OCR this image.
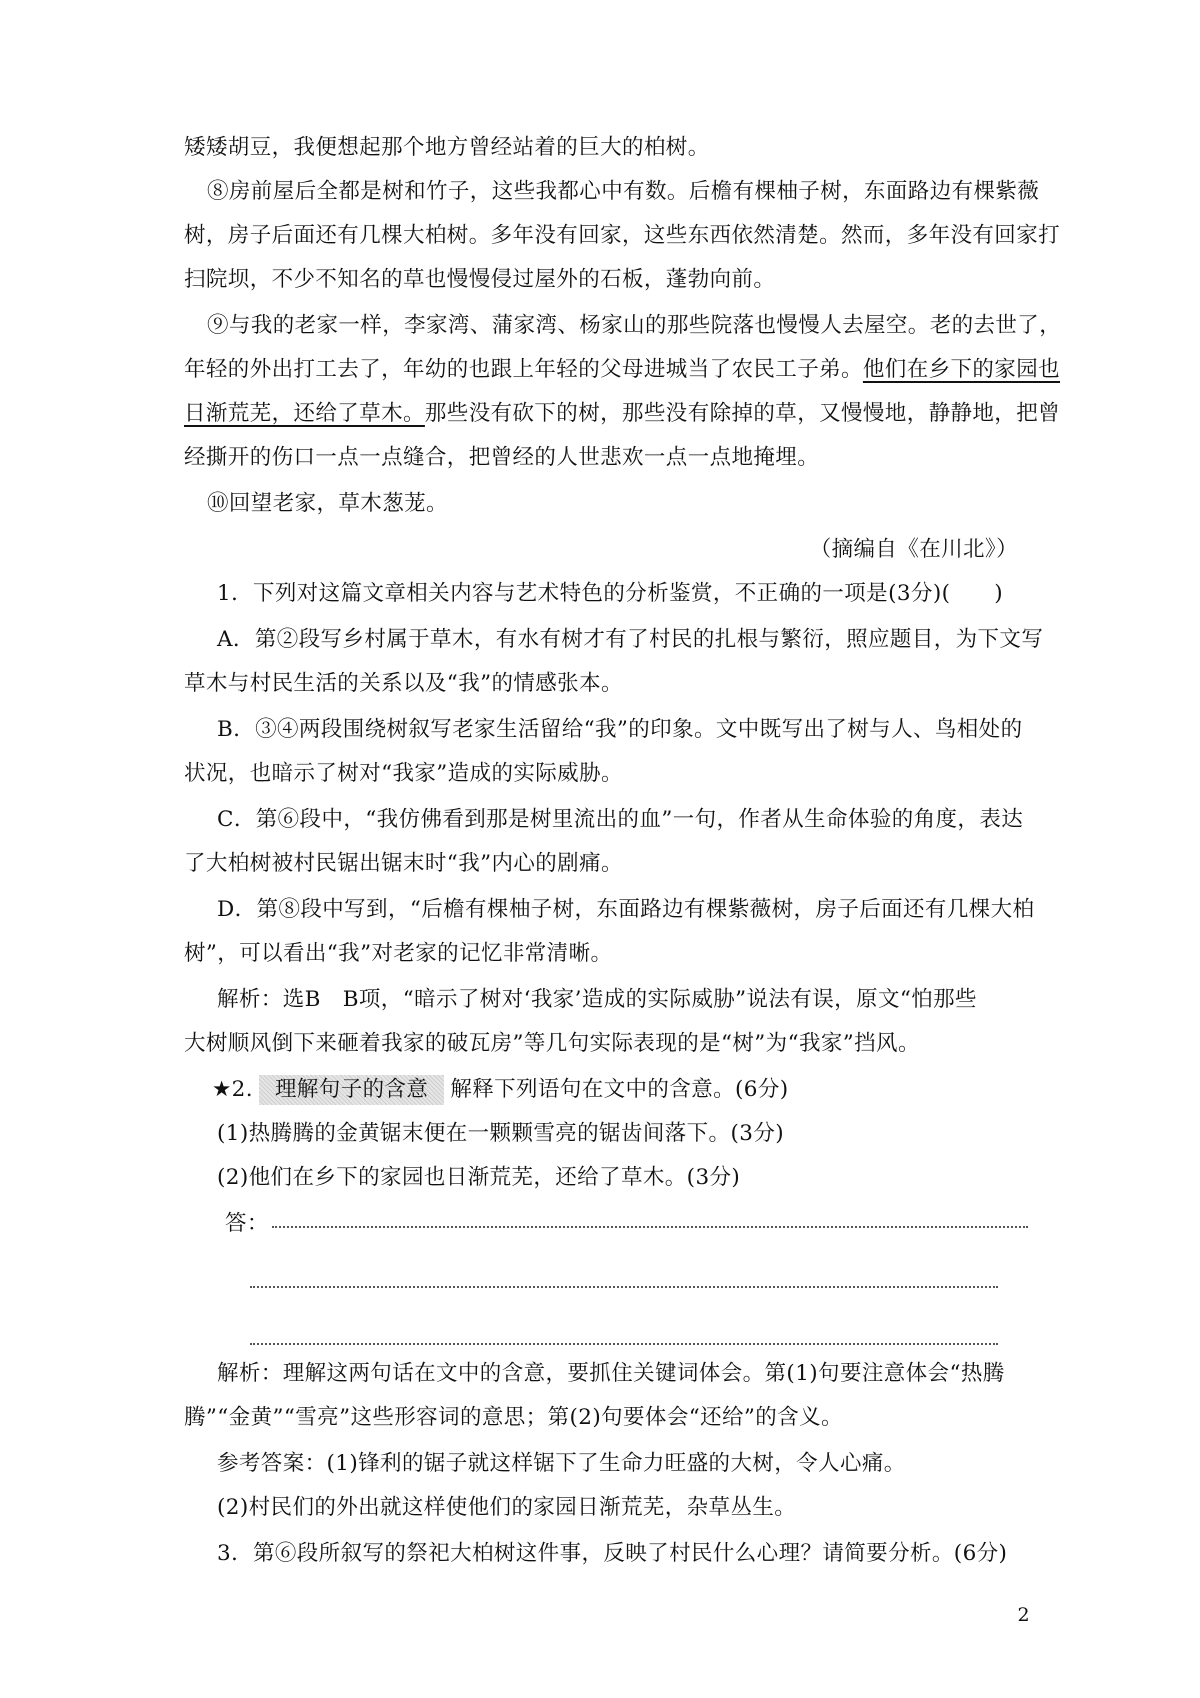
矮矮胡豆，我便想起那个地方曾经站着的巨大的柏树。
⑧房前屋后全都是树和竹子，这些我都心中有数。后檐有棵柚子树，东面路边有棵紫薇
树，房子后面还有几棵大柏树。多年没有回家，这些东西依然清楚。然而，多年没有回家打
扫院坝，不少不知名的草也慢慢侵过屋外的石板，蓬勃向前。
⑨与我的老家一样，李家湾、蒲家湾、杨家山的那些院落也慢慢人去屋空。老的去世了，
年轻的外出打工去了，年幼的也跟上年轻的父母进城当了农民工子弟。他们在乡下的家园也
日渐荒芜，还给了草木。那些没有砍下的树，那些没有除掉的草，又慢慢地，静静地，把曾
经撕开的伤口一点一点缝合，把曾经的人世悲欢一点一点地掩埋。
⑩回望老家，草木葱茏。
（摘编自《在川北》）
1．下列对这篇文章相关内容与艺术特色的分析鉴赏，不正确的一项是(3分)(　　)
A．第②段写乡村属于草木，有水有树才有了村民的扎根与繁衍，照应题目，为下文写
草木与村民生活的关系以及“我”的情感张本。
B．③④两段围绕树叙写老家生活留给“我”的印象。文中既写出了树与人、鸟相处的
状况，也暗示了树对“我家”造成的实际威胁。
C．第⑥段中，“我仿佛看到那是树里流出的血”一句，作者从生命体验的角度，表达
了大柏树被村民锯出锯末时“我”内心的剧痛。
D．第⑧段中写到，“后檐有棵柚子树，东面路边有棵紫薇树，房子后面还有几棵大柏
树”，可以看出“我”对老家的记忆非常清晰。
解析：选B　B项，“暗示了树对‘我家’造成的实际威胁”说法有误，原文“怕那些
大树顺风倒下来砸着我家的破瓦房”等几句实际表现的是“树”为“我家”挡风。
★2. 理解句子的含意 解释下列语句在文中的含意。(6分)
(1)热腾腾的金黄锯末便在一颗颗雪亮的锯齿间落下。(3分)
(2)他们在乡下的家园也日渐荒芜，还给了草木。(3分)
答：
解析：理解这两句话在文中的含意，要抓住关键词体会。第(1)句要注意体会“热腾
腾”“金黄”“雪亮”这些形容词的意思；第(2)句要体会“还给”的含义。
参考答案：(1)锋利的锯子就这样锯下了生命力旺盛的大树，令人心痛。
(2)村民们的外出就这样使他们的家园日渐荒芜，杂草丛生。
3．第⑥段所叙写的祭祀大柏树这件事，反映了村民什么心理？请简要分析。(6分)
2
